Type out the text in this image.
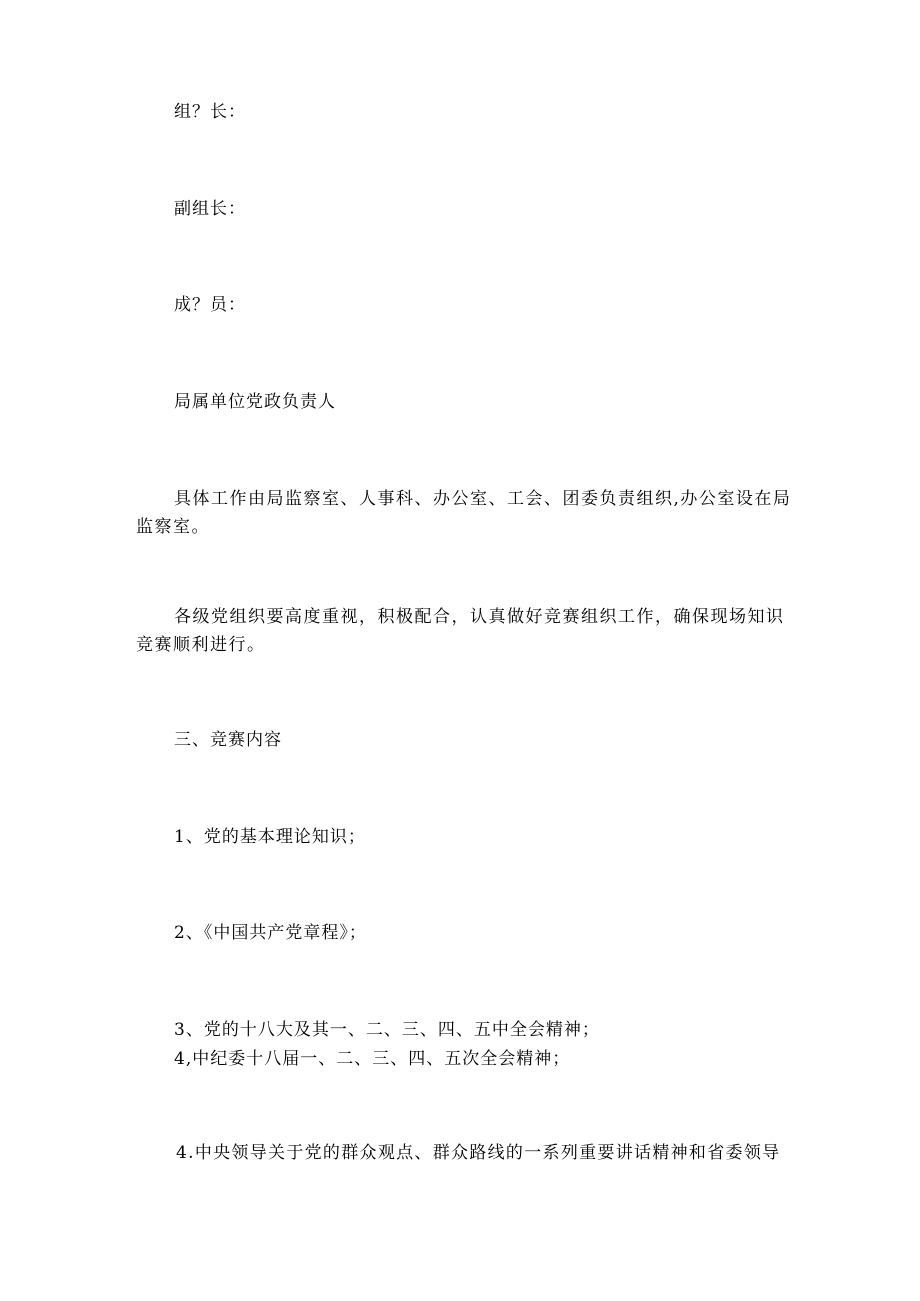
组？长：
副组长：
成？员：
局属单位党政负责人
具体工作由局监察室、人事科、办公室、工会、团委负责组织,办公室设在局监察室。
各级党组织要高度重视，积极配合，认真做好竞赛组织工作，确保现场知识竞赛顺利进行。
三、竞赛内容
1、党的基本理论知识；
2、《中国共产党章程》；
3、党的十八大及其一、二、三、四、五中全会精神；
4,中纪委十八届一、二、三、四、五次全会精神；
4.中央领导关于党的群众观点、群众路线的一系列重要讲话精神和省委领导
